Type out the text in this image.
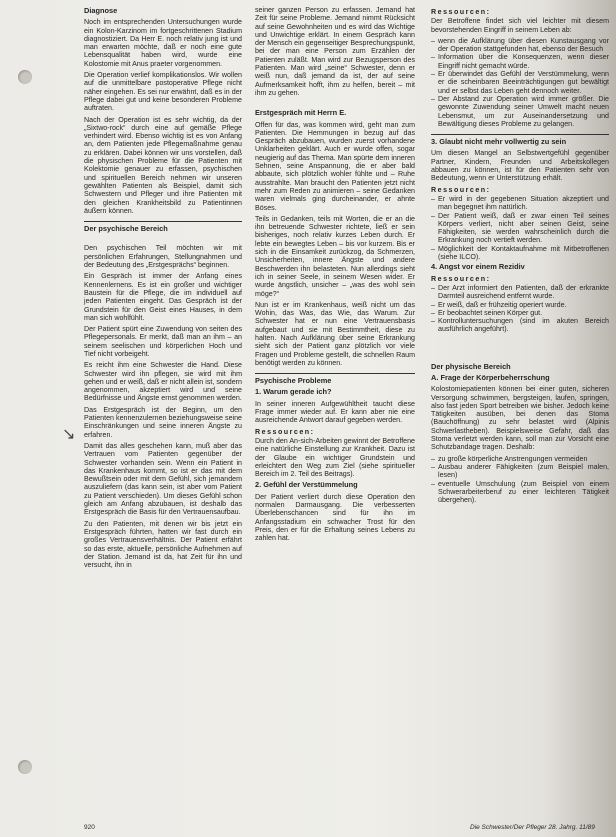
↘
Diagnose

Noch im entsprechenden Untersuchungen wurde ein Kolon-Karzinom im fortgeschrittenen Stadium diagnostiziert. Da Herr E. noch relativ jung ist und man erwarten möchte, daß er noch eine gute Lebensqualität haben wird, wurde eine Kolostomie mit Anus praeter vorgenommen.

Die Operation verlief komplikationslos. Wir wollen auf die unmittelbare postoperative Pflege nicht näher eingehen. Es sei nur erwähnt, daß es in der Pflege dabei gut und keine besonderen Probleme auftraten.

Nach der Operation ist es sehr wichtig, da der „Sixtwo-rock“ durch eine auf gemäße Pflege verhindert wird. Ebenso wichtig ist es von Anfang an, dem Patienten jede Pflegemaßnahme genau zu erklären. Dabei können wir uns vorstellen, daß die physischen Probleme für die Patienten mit Kolektomie genauer zu erfassen, psychischen und spirituellen Bereich nehmen wir unseren gewählten Patienten als Beispiel, damit sich Schwestern und Pfleger und ihre Patienten mit den gleichen Krankheitsbild zu Patientinnen äußern können.

Der psychische Bereich

Den psychischen Teil möchten wir mit persönlichen Erfahrungen, Stellungnahmen und der Bedeutung des „Erstgesprächs“ beginnen.

Ein Gespräch ist immer der Anfang eines Kennenlernens. Es ist ein großer und wichtiger Baustein für die Pflege, die im individuell auf jeden Patienten eingeht. Das Gespräch ist der Grundstein für den Geist eines Hauses, in dem man sich wohlfühlt.

Der Patient spürt eine Zuwendung von seiten des Pflegepersonals. Er merkt, daß man an ihm – an seinem seelischen und körperlichen Hoch und Tief nicht vorbeigeht.

Es reicht ihm eine Schwester die Hand. Diese Schwester wird ihn pflegen, sie wird mit ihm gehen und er weiß, daß er nicht allein ist, sondern angenommen, akzeptiert wird und seine Bedürfnisse und Ängste ernst genommen werden.

Das Erstgespräch ist der Beginn, um den Patienten kennenzulernen beziehungsweise seine Einschränkungen und seine inneren Ängste zu erfahren.

Damit das alles geschehen kann, muß aber das Vertrauen vom Patienten gegenüber der Schwester vorhanden sein. Wenn ein Patient in das Krankenhaus kommt, so ist er das mit dem Bewußtsein oder mit dem Gefühl, sich jemandem auszuliefern (das kann sein, ist aber vom Patient zu Patient verschieden). Um dieses Gefühl schon gleich am Anfang abzubauen, ist deshalb das Erstgespräch die Basis für den Vertrauensaufbau.

Zu den Patienten, mit denen wir bis jetzt ein Erstgespräch führten, hatten wir fast durch ein großes Vertrauensverhältnis. Der Patient erfährt so das erste, aktuelle, persönliche Aufnehmen auf der Station. Jemand ist da, hat Zeit für ihn und versucht, ihn in

seiner ganzen Person zu erfassen. Jemand hat Zeit für seine Probleme. Jemand nimmt Rücksicht auf seine Gewohnheiten und es wird das Wichtige und Unwichtige erklärt. In einem Gespräch kann der Mensch ein gegenseitiger Besprechungspunkt, bei der man eine Person zum Erzählen der Patienten zuläßt. Man wird zur Bezugsperson des Patienten. Man wird „seine“ Schwester, denn er weiß nun, daß jemand da ist, der auf seine Aufmerksamkeit hofft, ihm zu helfen, bereit – mit ihm zu gehen.

Erstgespräch mit Herrn E.

Offen für das, was kommen wird, geht man zum Patienten. Die Hemmungen in bezug auf das Gespräch abzubauen, wurden zuerst vorhandene Unklarheiten geklärt. Auch er wurde offen, sogar neugierig auf das Thema. Man spürte dem inneren Sehnen, seine Anspannung, die er aber bald abbaute, sich plötzlich wohler fühlte und – Ruhe ausstrahlte. Man braucht den Patienten jetzt nicht mehr zum Reden zu animieren – seine Gedanken waren vielmals ging durcheinander, er ahnte Böses.

Teils in Gedanken, teils mit Worten, die er an die ihn betreuende Schwester richtete, ließ er sein bisheriges, noch relativ kurzes Leben durch. Er lebte ein bewegtes Leben – bis vor kurzem. Bis er sich in die Einsamkeit zurückzog, da Schmerzen, Unsicherheiten, innere Ängste und andere Beschwerden ihn belasteten. Nun allerdings sieht ich in seiner Seele, in seinem Wesen wider. Er wurde ängstlich, unsicher – „was des wohl sein möge?“

Nun ist er im Krankenhaus, weiß nicht um das Wohin, das Was, das Wie, das Warum. Zur Schwester hat er nun eine Vertrauensbasis aufgebaut und sie mit Bestimmtheit, diese zu halten. Nach Aufklärung über seine Erkrankung sieht sich der Patient ganz plötzlich vor viele Fragen und Probleme gestellt, die schnellen Raum benötigt werden zu können.

Psychische Probleme
1. Warum gerade ich?

In seiner inneren Aufgewühltheit taucht diese Frage immer wieder auf. Er kann aber nie eine ausreichende Antwort darauf gegeben werden.

Ressourcen:

Durch den An-sich-Arbeiten gewinnt der Betroffene eine natürliche Einstellung zur Krankheit. Dazu ist der Glaube ein wichtiger Grundstein und erleichtert den Weg zum Ziel (siehe spiritueller Bereich im 2. Teil des Beitrags).

2. Gefühl der Verstümmelung

Der Patient verliert durch diese Operation den normalen Darmausgang. Die verbesserten Überlebenschancen sind für ihn im Anfangsstadium ein schwacher Trost für den Preis, den er für die Erhaltung seines Lebens zu zahlen hat.

Ressourcen:

Der Betroffene findet sich viel leichter mit diesem bevorstehenden Eingriff in seinem Leben ab:

– wenn die Aufklärung über diesen Kunstausgang vor der Operation stattgefunden hat, ebenso der Besuch
– Information über die Konsequenzen, wenn dieser Eingriff nicht gemacht würde.
– Er überwindet das Gefühl der Verstümmelung, wenn er die scheinbaren Beeinträchtigungen gut bewältigt und er selbst das Leben geht dennoch weiter.
– Der Abstand zur Operation wird immer größer. Die gewonnte Zuwendung seiner Umwelt macht neuen Lebensmut, um zur Auseinandersetzung und Bewältigung dieses Probleme zu gelangen.
3. Glaubt nicht mehr vollwertig zu sein

Um diesen Mangel an Selbstwertgefühl gegenüber Partner, Kindern, Freunden und Arbeitskollegen abbauen zu können, ist für den Patienten sehr von Bedeutung, wenn er Unterstützung erhält.

Ressourcen:
– Er wird in der gegebenen Situation akzeptiert und man begegnet ihm natürlich.
– Der Patient weiß, daß er zwar einen Teil seines Körpers verliert, nicht aber seinen Geist, seine Fähigkeiten, sie werden wahrscheinlich durch die Erkrankung noch vertieft werden.
– Möglichkeit der Kontaktaufnahme mit Mitbetroffenen (siehe ILCO).
4. Angst vor einem Rezidiv
Ressourcen:
– Der Arzt informiert den Patienten, daß der erkrankte Darmteil ausreichend entfernt wurde.
– Er weiß, daß er frühzeitig operiert wurde.
– Er beobachtet seinen Körper gut.
– Kontrolluntersuchungen (sind im akuten Bereich ausführlich angeführt).
Der physische Bereich
A. Frage der Körperbeherrschung

Kolostomiepatienten können bei einer guten, sicheren Versorgung schwimmen, bergsteigen, laufen, springen, also fast jeden Sport betreiben wie bisher. Jedoch keine Tätigkeiten ausüben, bei denen das Stoma (Bauchöffnung) zu sehr belastet wird (Alpinis Schwerlastheben). Beispielsweise Gefahr, daß das Stoma verletzt werden kann, soll man zur Vorsicht eine Schutzbandage tragen. Deshalb:

– zu große körperliche Anstrengungen vermeiden
– Ausbau anderer Fähigkeiten (zum Beispiel malen, lesen)
– eventuelle Umschulung (zum Beispiel von einem Schwerarbeiterberuf zu einer leichteren Tätigkeit übergehen).
920	Die Schwester/Der Pfleger 28. Jahrg. 11/89
